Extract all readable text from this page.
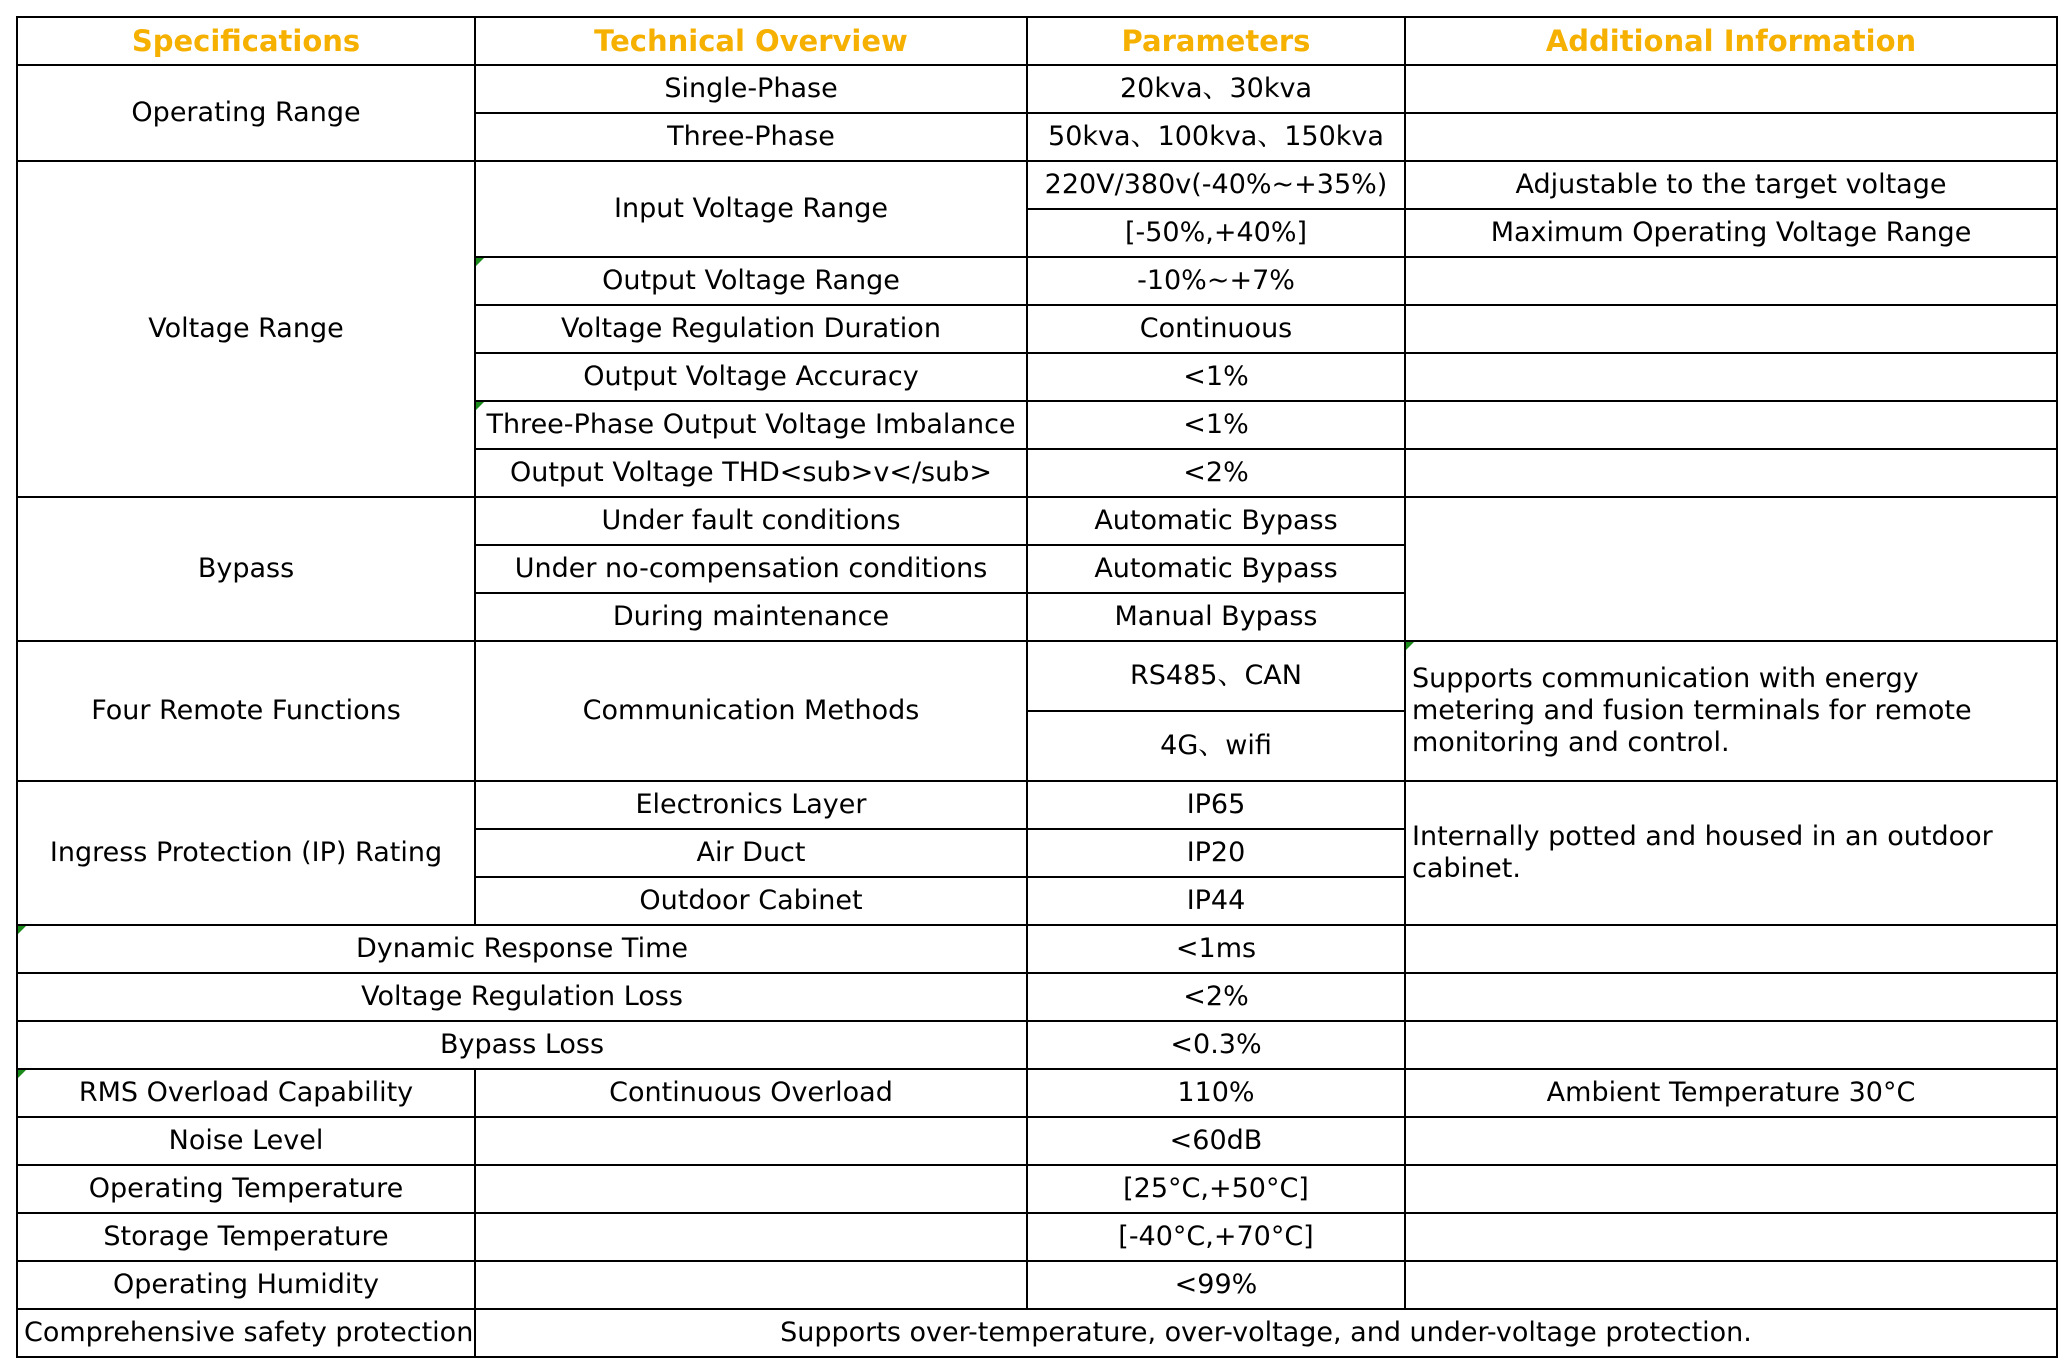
Specifications	Technical Overview	Parameters	Additional Information
Operating Range	Single-Phase	20kva、30kva	
	Three-Phase	50kva、100kva、150kva	
Voltage Range	Input Voltage Range	220V/380v(-40%~+35%)	Adjustable to the target voltage
		[-50%,+40%]	Maximum Operating Voltage Range
	Output Voltage Range	-10%~+7%	
	Voltage Regulation Duration	Continuous	
	Output Voltage Accuracy	<1%	
	Three-Phase Output Voltage Imbalance	<1%	
	Output Voltage THD<sub>v</sub>	<2%	
Bypass	Under fault conditions	Automatic Bypass	
	Under no-compensation conditions	Automatic Bypass	
	During maintenance	Manual Bypass	
Four Remote Functions	Communication Methods	RS485、CAN	Supports communication with energy metering and fusion terminals for remote monitoring and control.
		4G、wifi	
Ingress Protection (IP) Rating	Electronics Layer	IP65	Internally potted and housed in an outdoor cabinet.
	Air Duct	IP20	
	Outdoor Cabinet	IP44	
Dynamic Response Time		<1ms	
Voltage Regulation Loss		<2%	
Bypass Loss		<0.3%	
RMS Overload Capability	Continuous Overload	110%	Ambient Temperature 30°C
Noise Level		<60dB	
Operating Temperature		[25°C,+50°C]	
Storage Temperature		[-40°C,+70°C]	
Operating Humidity		<99%	
Comprehensive safety protection	Supports over-temperature, over-voltage, and under-voltage protection.		
